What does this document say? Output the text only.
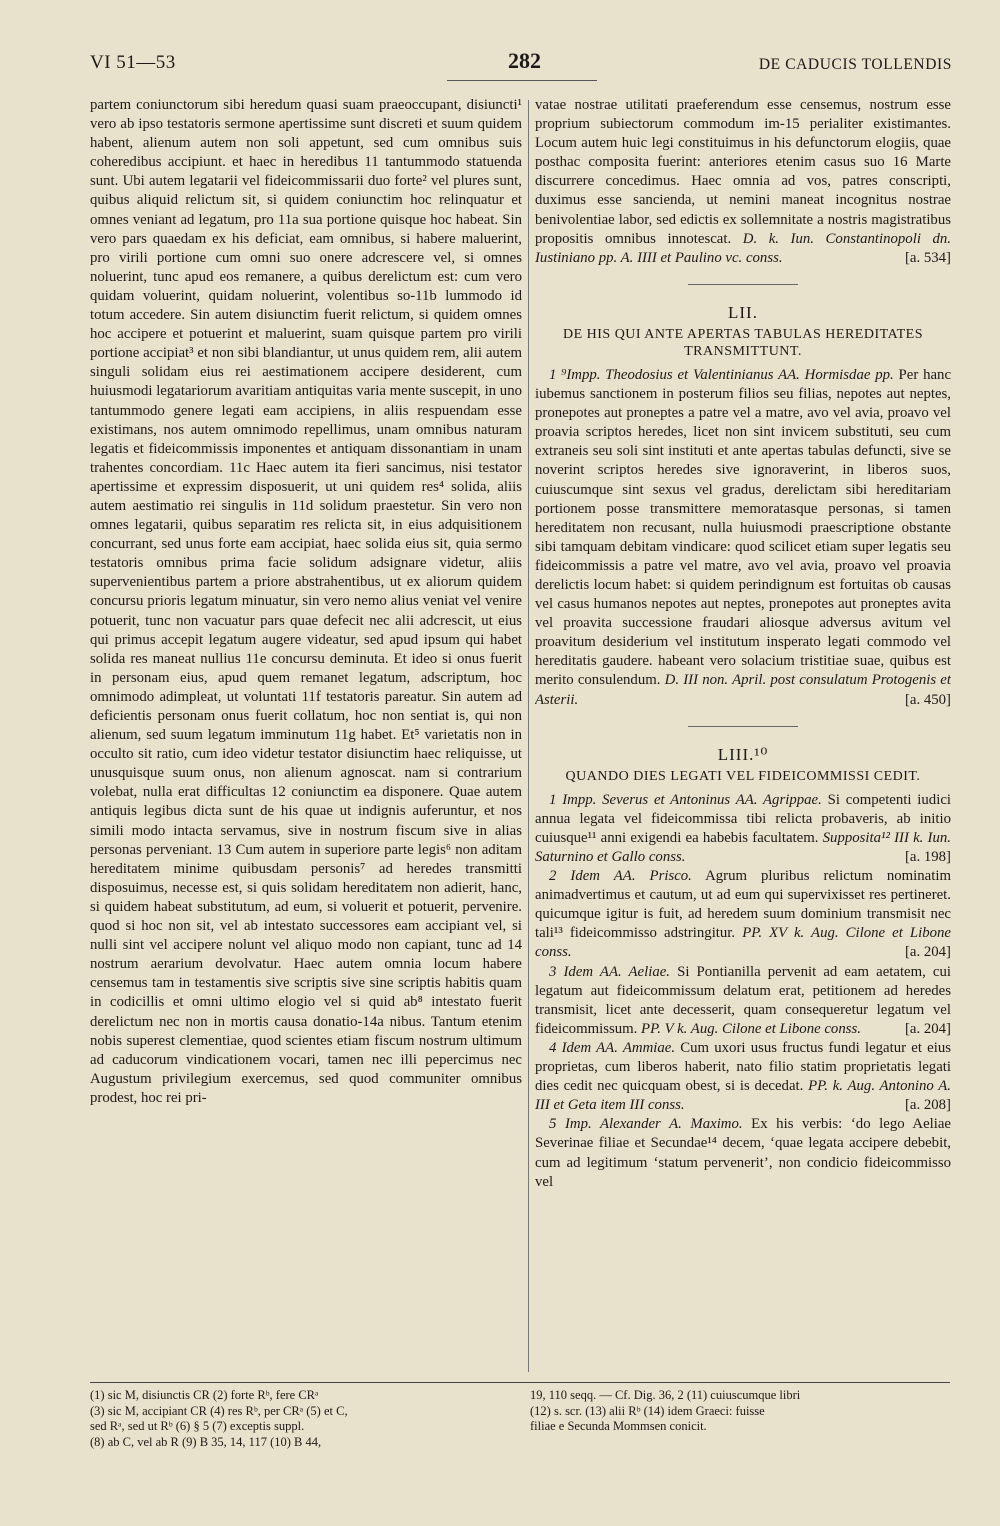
VI 51—53	282	DE CADUCIS TOLLENDIS

partem coniunctorum sibi heredum quasi suam praeoccupant, disiuncti¹ vero ab ipso testatoris sermone apertissime sunt discreti et suum quidem habent, alienum autem non soli appetunt, sed cum omnibus suis coheredibus accipiunt. et haec in heredibus 11 tantummodo statuenda sunt. Ubi autem legatarii vel fideicommissarii duo forte² vel plures sunt, quibus aliquid relictum sit, si quidem coniunctim hoc relinquatur et omnes veniant ad legatum, pro 11a sua portione quisque hoc habeat. Sin vero pars quaedam ex his deficiat, eam omnibus, si habere maluerint, pro virili portione cum omni suo onere adcrescere vel, si omnes noluerint, tunc apud eos remanere, a quibus derelictum est: cum vero quidam voluerint, quidam noluerint, volentibus so-11b lummodo id totum accedere. Sin autem disiunctim fuerit relictum, si quidem omnes hoc accipere et potuerint et maluerint, suam quisque partem pro virili portione accipiat³ et non sibi blandiantur, ut unus quidem rem, alii autem singuli solidam eius rei aestimationem accipere desiderent, cum huiusmodi legatariorum avaritiam antiquitas varia mente suscepit, in uno tantummodo genere legati eam accipiens, in aliis respuendam esse existimans, nos autem omnimodo repellimus, unam omnibus naturam legatis et fideicommissis imponentes et antiquam dissonantiam in unam trahentes concordiam. 11c Haec autem ita fieri sancimus, nisi testator apertissime et expressim disposuerit, ut uni quidem res⁴ solida, aliis autem aestimatio rei singulis in 11d solidum praestetur. Sin vero non omnes legatarii, quibus separatim res relicta sit, in eius adquisitionem concurrant, sed unus forte eam accipiat, haec solida eius sit, quia sermo testatoris omnibus prima facie solidum adsignare videtur, aliis supervenientibus partem a priore abstrahentibus, ut ex aliorum quidem concursu prioris legatum minuatur, sin vero nemo alius veniat vel venire potuerit, tunc non vacuatur pars quae defecit nec alii adcrescit, ut eius qui primus accepit legatum augere videatur, sed apud ipsum qui habet solida res maneat nullius 11e concursu deminuta. Et ideo si onus fuerit in personam eius, apud quem remanet legatum, adscriptum, hoc omnimodo adimpleat, ut voluntati 11f testatoris pareatur. Sin autem ad deficientis personam onus fuerit collatum, hoc non sentiat is, qui non alienum, sed suum legatum imminutum 11g habet. Et⁵ varietatis non in occulto sit ratio, cum ideo videtur testator disiunctim haec reliquisse, ut unusquisque suum onus, non alienum agnoscat. nam si contrarium volebat, nulla erat difficultas 12 coniunctim ea disponere. Quae autem antiquis legibus dicta sunt de his quae ut indignis auferuntur, et nos simili modo intacta servamus, sive in nostrum fiscum sive in alias personas perveniant. 13 Cum autem in superiore parte legis⁶ non aditam hereditatem minime quibusdam personis⁷ ad heredes transmitti disposuimus, necesse est, si quis solidam hereditatem non adierit, hanc, si quidem habeat substitutum, ad eum, si voluerit et potuerit, pervenire. quod si hoc non sit, vel ab intestato successores eam accipiant vel, si nulli sint vel accipere nolunt vel aliquo modo non capiant, tunc ad 14 nostrum aerarium devolvatur. Haec autem omnia locum habere censemus tam in testamentis sive scriptis sive sine scriptis habitis quam in codicillis et omni ultimo elogio vel si quid ab⁸ intestato fuerit derelictum nec non in mortis causa donatio-14a nibus. Tantum etenim nobis superest clementiae, quod scientes etiam fiscum nostrum ultimum ad caducorum vindicationem vocari, tamen nec illi pepercimus nec Augustum privilegium exercemus, sed quod communiter omnibus prodest, hoc rei pri-

vatae nostrae utilitati praeferendum esse censemus, nostrum esse proprium subiectorum commodum im-15 perialiter existimantes. Locum autem huic legi constituimus in his defunctorum elogiis, quae posthac composita fuerint: anteriores etenim casus suo 16 Marte discurrere concedimus. Haec omnia ad vos, patres conscripti, duximus esse sancienda, ut nemini maneat incognitus nostrae benivolentiae labor, sed edictis ex sollemnitate a nostris magistratibus propositis omnibus innotescat. D. k. Iun. Constantinopoli dn. Iustiniano pp. A. IIII et Paulino vc. conss.	[a. 534]

LII.
DE HIS QUI ANTE APERTAS TABULAS HEREDITATES TRANSMITTUNT.

1 ⁹Impp. Theodosius et Valentinianus AA. Hormisdae pp. Per hanc iubemus sanctionem in posterum filios seu filias, nepotes aut neptes, pronepotes aut proneptes a patre vel a matre, avo vel avia, proavo vel proavia scriptos heredes, licet non sint invicem substituti, seu cum extraneis seu soli sint instituti et ante apertas tabulas defuncti, sive se noverint scriptos heredes sive ignoraverint, in liberos suos, cuiuscumque sint sexus vel gradus, derelictam sibi hereditariam portionem posse transmittere memoratasque personas, si tamen hereditatem non recusant, nulla huiusmodi praescriptione obstante sibi tamquam debitam vindicare: quod scilicet etiam super legatis seu fideicommissis a patre vel matre, avo vel avia, proavo vel proavia derelictis locum habet: si quidem perindignum est fortuitas ob causas vel casus humanos nepotes aut neptes, pronepotes aut proneptes avita vel proavita successione fraudari aliosque adversus avitum vel proavitum desiderium vel institutum insperato legati commodo vel hereditatis gaudere. habeant vero solacium tristitiae suae, quibus est merito consulendum. D. III non. April. post consulatum Protogenis et Asterii.	[a. 450]

LIII.¹⁰
QUANDO DIES LEGATI VEL FIDEICOMMISSI CEDIT.

1 Impp. Severus et Antoninus AA. Agrippae. Si competenti iudici annua legata vel fideicommissa tibi relicta probaveris, ab initio cuiusque¹¹ anni exigendi ea habebis facultatem. Supposita¹² III k. Iun. Saturnino et Gallo conss.	[a. 198]

2 Idem AA. Prisco. Agrum pluribus relictum nominatim animadvertimus et cautum, ut ad eum qui supervixisset res pertineret. quicumque igitur is fuit, ad heredem suum dominium transmisit nec tali¹³ fideicommisso adstringitur. PP. XV k. Aug. Cilone et Libone conss.	[a. 204]

3 Idem AA. Aeliae. Si Pontianilla pervenit ad eam aetatem, cui legatum aut fideicommissum delatum erat, petitionem ad heredes transmisit, licet ante decesserit, quam consequeretur legatum vel fideicommissum. PP. V k. Aug. Cilone et Libone conss.	[a. 204]

4 Idem AA. Ammiae. Cum uxori usus fructus fundi legatur et eius proprietas, cum liberos haberit, nato filio statim proprietatis legati dies cedit nec quicquam obest, si is decedat. PP. k. Aug. Antonino A. III et Geta item III conss.	[a. 208]

5 Imp. Alexander A. Maximo. Ex his verbis: ‘do lego Aeliae Severinae filiae et Secundae¹⁴ decem, ‘quae legata accipere debebit, cum ad legitimum ‘statum pervenerit’, non condicio fideicommisso vel

(1) sic M, disiunctis CR (2) forte Rᵇ, fere CRᵃ

(3) sic M, accipiant CR (4) res Rᵇ, per CRᵃ (5) et C,

sed Rᵃ, sed ut Rᵇ (6) § 5 (7) exceptis suppl.

(8) ab C, vel ab R (9) B 35, 14, 117 (10) B 44,

19, 110 seqq. — Cf. Dig. 36, 2 (11) cuiuscumque libri

(12) s. scr. (13) alii Rᵇ (14) idem Graeci: fuisse

filiae e Secunda Mommsen conicit.
